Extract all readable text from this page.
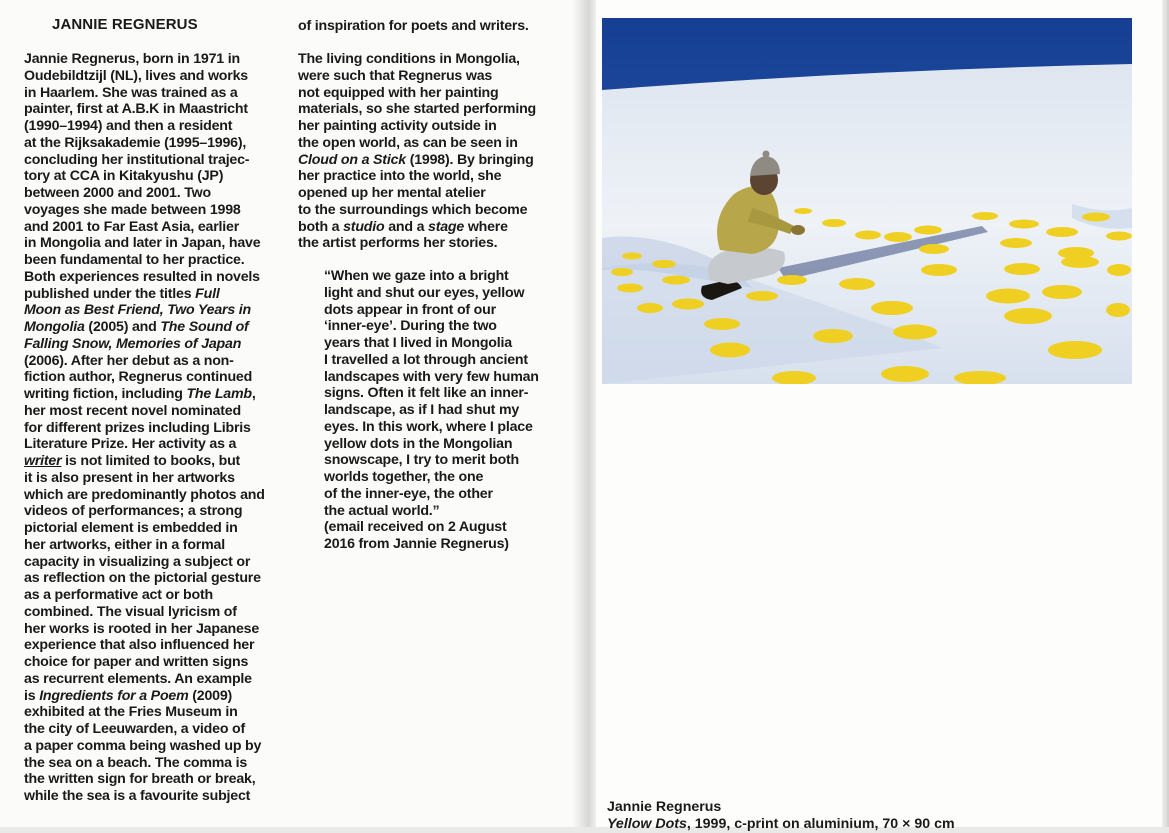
JANNIE REGNERUS
Jannie Regnerus, born in 1971 in
Oudebildtzijl (NL), lives and works
in Haarlem. She was trained as a
painter, first at A.B.K in Maastricht
(1990–1994) and then a resident
at the Rijksakademie (1995–1996),
concluding her institutional trajec-
tory at CCA in Kitakyushu (JP)
between 2000 and 2001. Two
voyages she made between 1998
and 2001 to Far East Asia, earlier
in Mongolia and later in Japan, have
been fundamental to her practice.
Both experiences resulted in novels
published under the titles Full
Moon as Best Friend, Two Years in
Mongolia (2005) and The Sound of
Falling Snow, Memories of Japan
(2006). After her debut as a non-
fiction author, Regnerus continued
writing fiction, including The Lamb,
her most recent novel nominated
for different prizes including Libris
Literature Prize. Her activity as a
writer is not limited to books, but
it is also present in her artworks
which are predominantly photos and
videos of performances; a strong
pictorial element is embedded in
her artworks, either in a formal
capacity in visualizing a subject or
as reflection on the pictorial gesture
as a performative act or both
combined. The visual lyricism of
her works is rooted in her Japanese
experience that also influenced her
choice for paper and written signs
as recurrent elements. An example
is Ingredients for a Poem (2009)
exhibited at the Fries Museum in
the city of Leeuwarden, a video of
a paper comma being washed up by
the sea on a beach. The comma is
the written sign for breath or break,
while the sea is a favourite subject
of inspiration for poets and writers.
The living conditions in Mongolia,
were such that Regnerus was
not equipped with her painting
materials, so she started performing
her painting activity outside in
the open world, as can be seen in
Cloud on a Stick (1998). By bringing
her practice into the world, she
opened up her mental atelier
to the surroundings which become
both a studio and a stage where
the artist performs her stories.
“When we gaze into a bright
light and shut our eyes, yellow
dots appear in front of our
‘inner-eye’. During the two
years that I lived in Mongolia
I travelled a lot through ancient
landscapes with very few human
signs. Often it felt like an inner-
landscape, as if I had shut my
eyes. In this work, where I place
yellow dots in the Mongolian
snowscape, I try to merit both
worlds together, the one
of the inner-eye, the other
the actual world.”
(email received on 2 August
2016 from Jannie Regnerus)
Jannie Regnerus
Yellow Dots, 1999, c-print on aluminium, 70 × 90 cm
